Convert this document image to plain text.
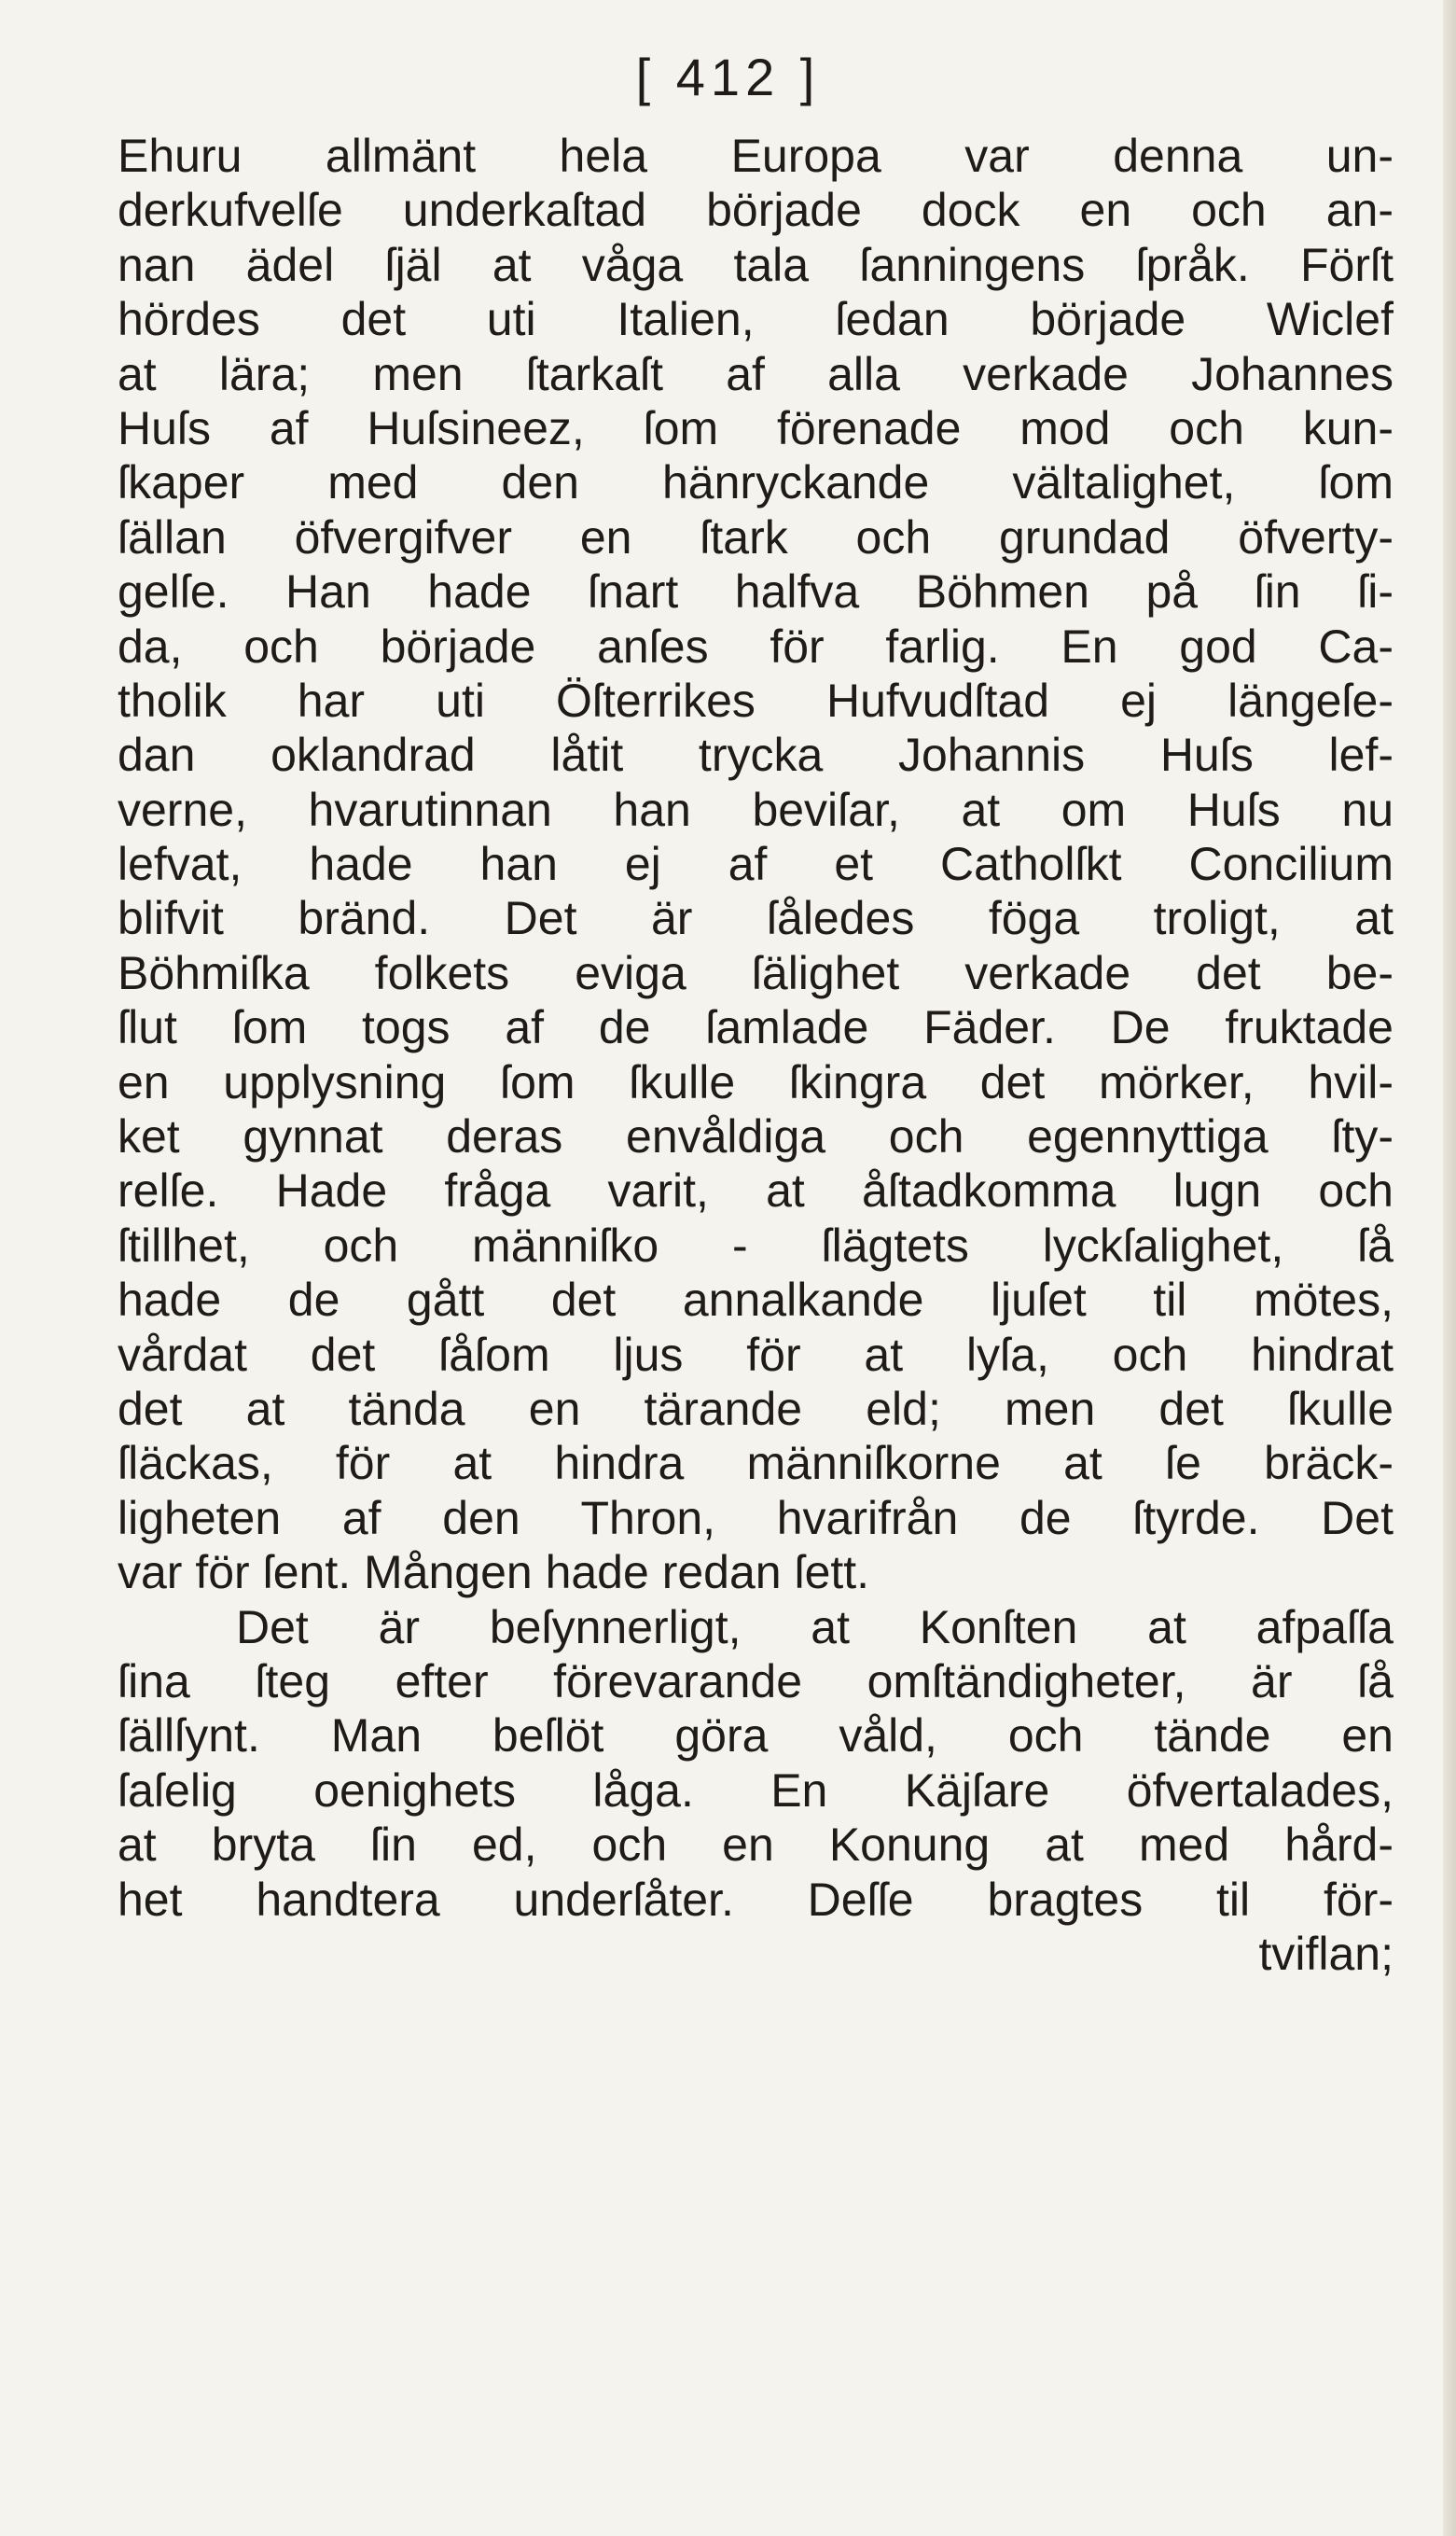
[ 412 ]
Ehuru allmänt hela Europa var denna un-
derkufvelſe underkaſtad började dock en och an-
nan ädel ſjäl at våga tala ſanningens ſpråk. Förſt
hördes det uti Italien, ſedan började Wiclef
at lära; men ſtarkaſt af alla verkade Johannes
Huſs af Huſsineez, ſom förenade mod och kun-
ſkaper med den hänryckande vältalighet, ſom
ſällan öfvergifver en ſtark och grundad öfverty-
gelſe. Han hade ſnart halfva Böhmen på ſin ſi-
da, och började anſes för farlig. En god Ca-
tholik har uti Öſterrikes Hufvudſtad ej längeſe-
dan oklandrad låtit trycka Johannis Huſs lef-
verne, hvarutinnan han beviſar, at om Huſs nu
lefvat, hade han ej af et Catholſkt Concilium
blifvit bränd. Det är ſåledes föga troligt, at
Böhmiſka folkets eviga ſälighet verkade det be-
ſlut ſom togs af de ſamlade Fäder. De fruktade
en upplysning ſom ſkulle ſkingra det mörker, hvil-
ket gynnat deras envåldiga och egennyttiga ſty-
relſe. Hade fråga varit, at åſtadkomma lugn och
ſtillhet, och männiſko - ſlägtets lyckſalighet, ſå
hade de gått det annalkande ljuſet til mötes,
vårdat det ſåſom ljus för at lyſa, och hindrat
det at tända en tärande eld; men det ſkulle
ſläckas, för at hindra männiſkorne at ſe bräck-
ligheten af den Thron, hvarifrån de ſtyrde. Det
var för ſent. Mången hade redan ſett.
Det är beſynnerligt, at Konſten at afpaſſa
ſina ſteg efter förevarande omſtändigheter, är ſå
ſällſynt. Man beſlöt göra våld, och tände en
ſaſelig oenighets låga. En Käjſare öfvertalades,
at bryta ſin ed, och en Konung at med hård-
het handtera underſåter. Deſſe bragtes til för-
tviflan;
